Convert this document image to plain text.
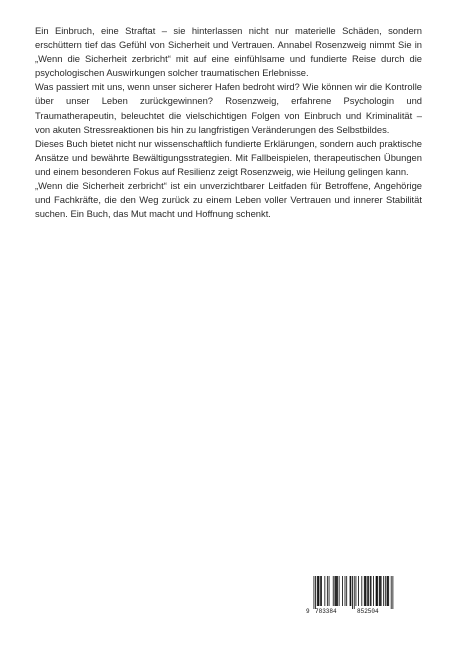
Ein Einbruch, eine Straftat – sie hinterlassen nicht nur materielle Schäden, sondern erschüttern tief das Gefühl von Sicherheit und Vertrauen. Annabel Rosenzweig nimmt Sie in „Wenn die Sicherheit zerbricht“ mit auf eine einfühlsame und fundierte Reise durch die psychologischen Auswirkungen solcher traumatischen Erlebnisse.

Was passiert mit uns, wenn unser sicherer Hafen bedroht wird? Wie können wir die Kontrolle über unser Leben zurückgewinnen? Rosenzweig, erfahrene Psychologin und Traumatherapeutin, beleuchtet die vielschichtigen Folgen von Einbruch und Kriminalität – von akuten Stressreaktionen bis hin zu langfristigen Veränderungen des Selbstbildes.

Dieses Buch bietet nicht nur wissenschaftlich fundierte Erklärungen, sondern auch praktische Ansätze und bewährte Bewältigungsstrategien. Mit Fallbeispielen, therapeutischen Übungen und einem besonderen Fokus auf Resilienz zeigt Rosenzweig, wie Heilung gelingen kann.

„Wenn die Sicherheit zerbricht“ ist ein unverzichtbarer Leitfaden für Betroffene, Angehörige und Fachkräfte, die den Weg zurück zu einem Leben voller Vertrauen und innerer Stabilität suchen. Ein Buch, das Mut macht und Hoffnung schenkt.

9 783384	852504
